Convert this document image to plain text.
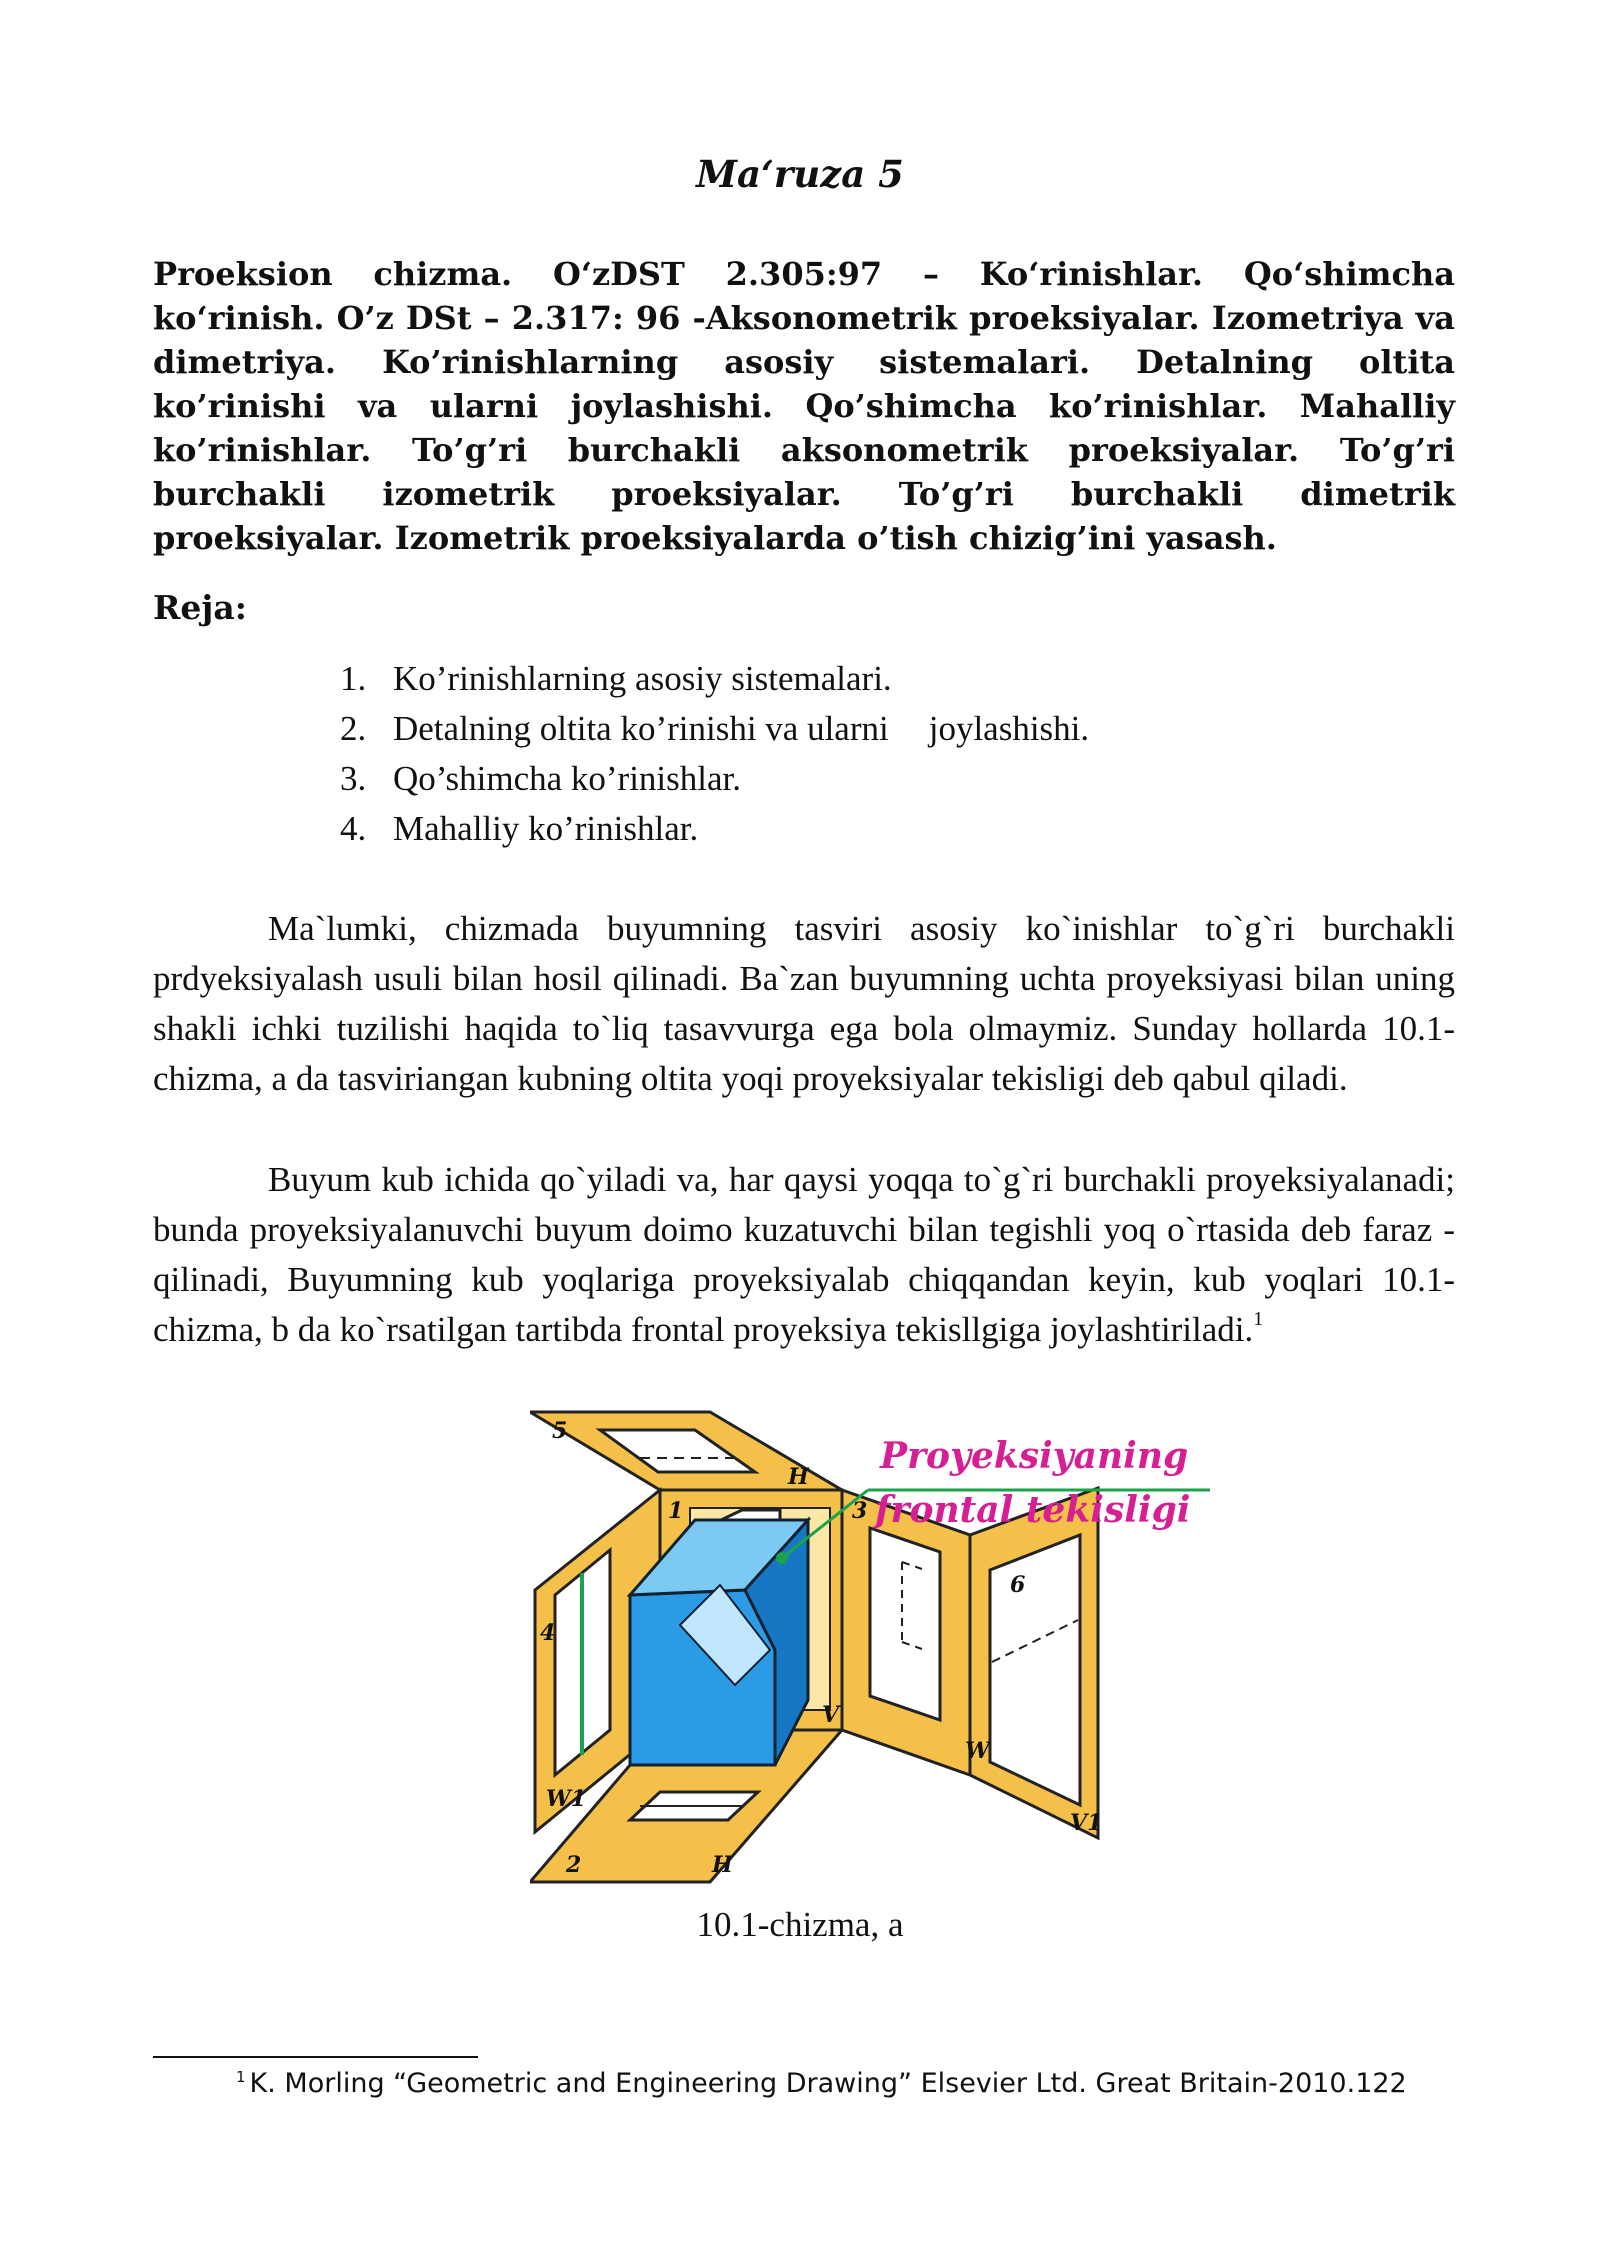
Ma‘ruza 5

Proeksion chizma. O‘zDST 2.305:97 – Ko‘rinishlar. Qo‘shimcha ko‘rinish. O’z DSt – 2.317: 96 -Aksonometrik proeksiyalar. Izometriya va dimetriya. Ko’rinishlarning asosiy sistemalari. Detalning oltita ko’rinishi va ularni joylashishi. Qo’shimcha ko’rinishlar. Mahalliy ko’rinishlar. To’g’ri burchakli aksonometrik proeksiyalar. To’g’ri burchakli izometrik proeksiyalar. To’g’ri burchakli dimetrik proeksiyalar. Izometrik proeksiyalarda o’tish chizig’ini yasash.

Reja:
1. Ko’rinishlarning asosiy sistemalari.
2. Detalning oltita ko’rinishi va ularni joylashishi.
3. Qo’shimcha ko’rinishlar.
4. Mahalliy ko’rinishlar.

Ma`lumki, chizmada buyumning tasviri asosiy ko`inishlar to`g`ri burchakli prdyeksiyalash usuli bilan hosil qilinadi. Ba`zan buyumning uchta proyeksiyasi bilan uning shakli ichki tuzilishi haqida to`liq tasavvurga ega bola olmaymiz. Sunday hollarda 10.1- chizma, a da tasviriangan kubning oltita yoqi proyeksiyalar tekisligi deb qabul qiladi.

Buyum kub ichida qo`yiladi va, har qaysi yoqqa to`g`ri burchakli proyeksiyalanadi; bunda proyeksiyalanuvchi buyum doimo kuzatuvchi bilan tegishli yoq o`rtasida deb faraz - qilinadi, Buyumning kub yoqlariga proyeksiyalab chiqqandan keyin, kub yoqlari 10.1- chizma, b da ko`rsatilgan tartibda frontal proyeksiya tekisllgiga joylashtiriladi.$^1$

5
1	3
4
6
2
H
V
W
W1
H
V1
Proyeksiyaning
frontal tekisligi
10.1-chizma, a
$^1$ K. Morling “Geometric and Engineering Drawing” Elsevier Ltd. Great Britain-2010.122
